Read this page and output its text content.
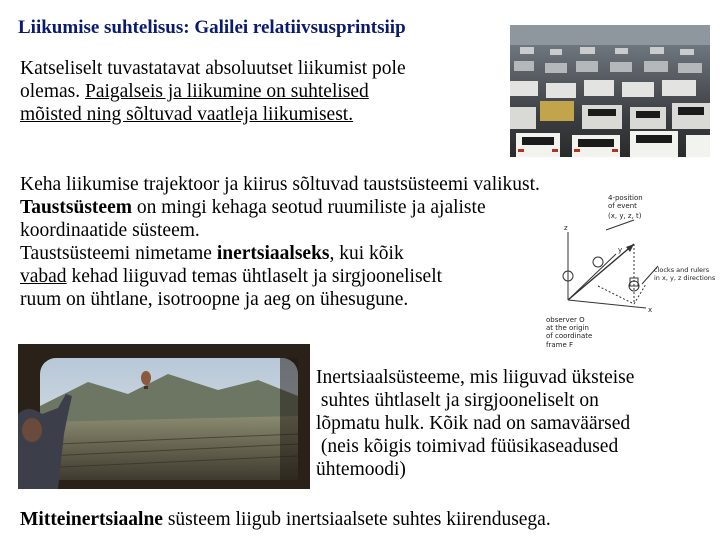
Liikumise suhtelisus: Galilei relatiivsusprintsiip
Katseliselt tuvastatavat absoluutset liikumist pole
olemas. Paigalseis ja liikumine on suhtelised
mõisted ning sõltuvad vaatleja liikumisest.
Keha liikumise trajektoor ja kiirus sõltuvad taustsüsteemi valikust.
Taustsüsteem on mingi kehaga seotud ruumiliste ja ajaliste
koordinaatide süsteem.
Taustsüsteemi nimetame inertsiaalseks, kui kõik
vabad kehad liiguvad temas ühtlaselt ja sirgjooneliselt
ruum on ühtlane, isotroopne ja aeg on ühesugune.
4-position
of event
(x, y, z, t)
clocks and rulers
in x, y, z directions
observer O
at the origin
of coordinate
frame F
z
y
x
Inertsiaalsüsteeme, mis liiguvad üksteise
suhtes ühtlaselt ja sirgjooneliselt on
lõpmatu hulk. Kõik nad on samaväärsed
(neis kõigis toimivad füüsikaseadused
ühtemoodi)
Mitteinertsiaalne süsteem liigub inertsiaalsete suhtes kiirendusega.
